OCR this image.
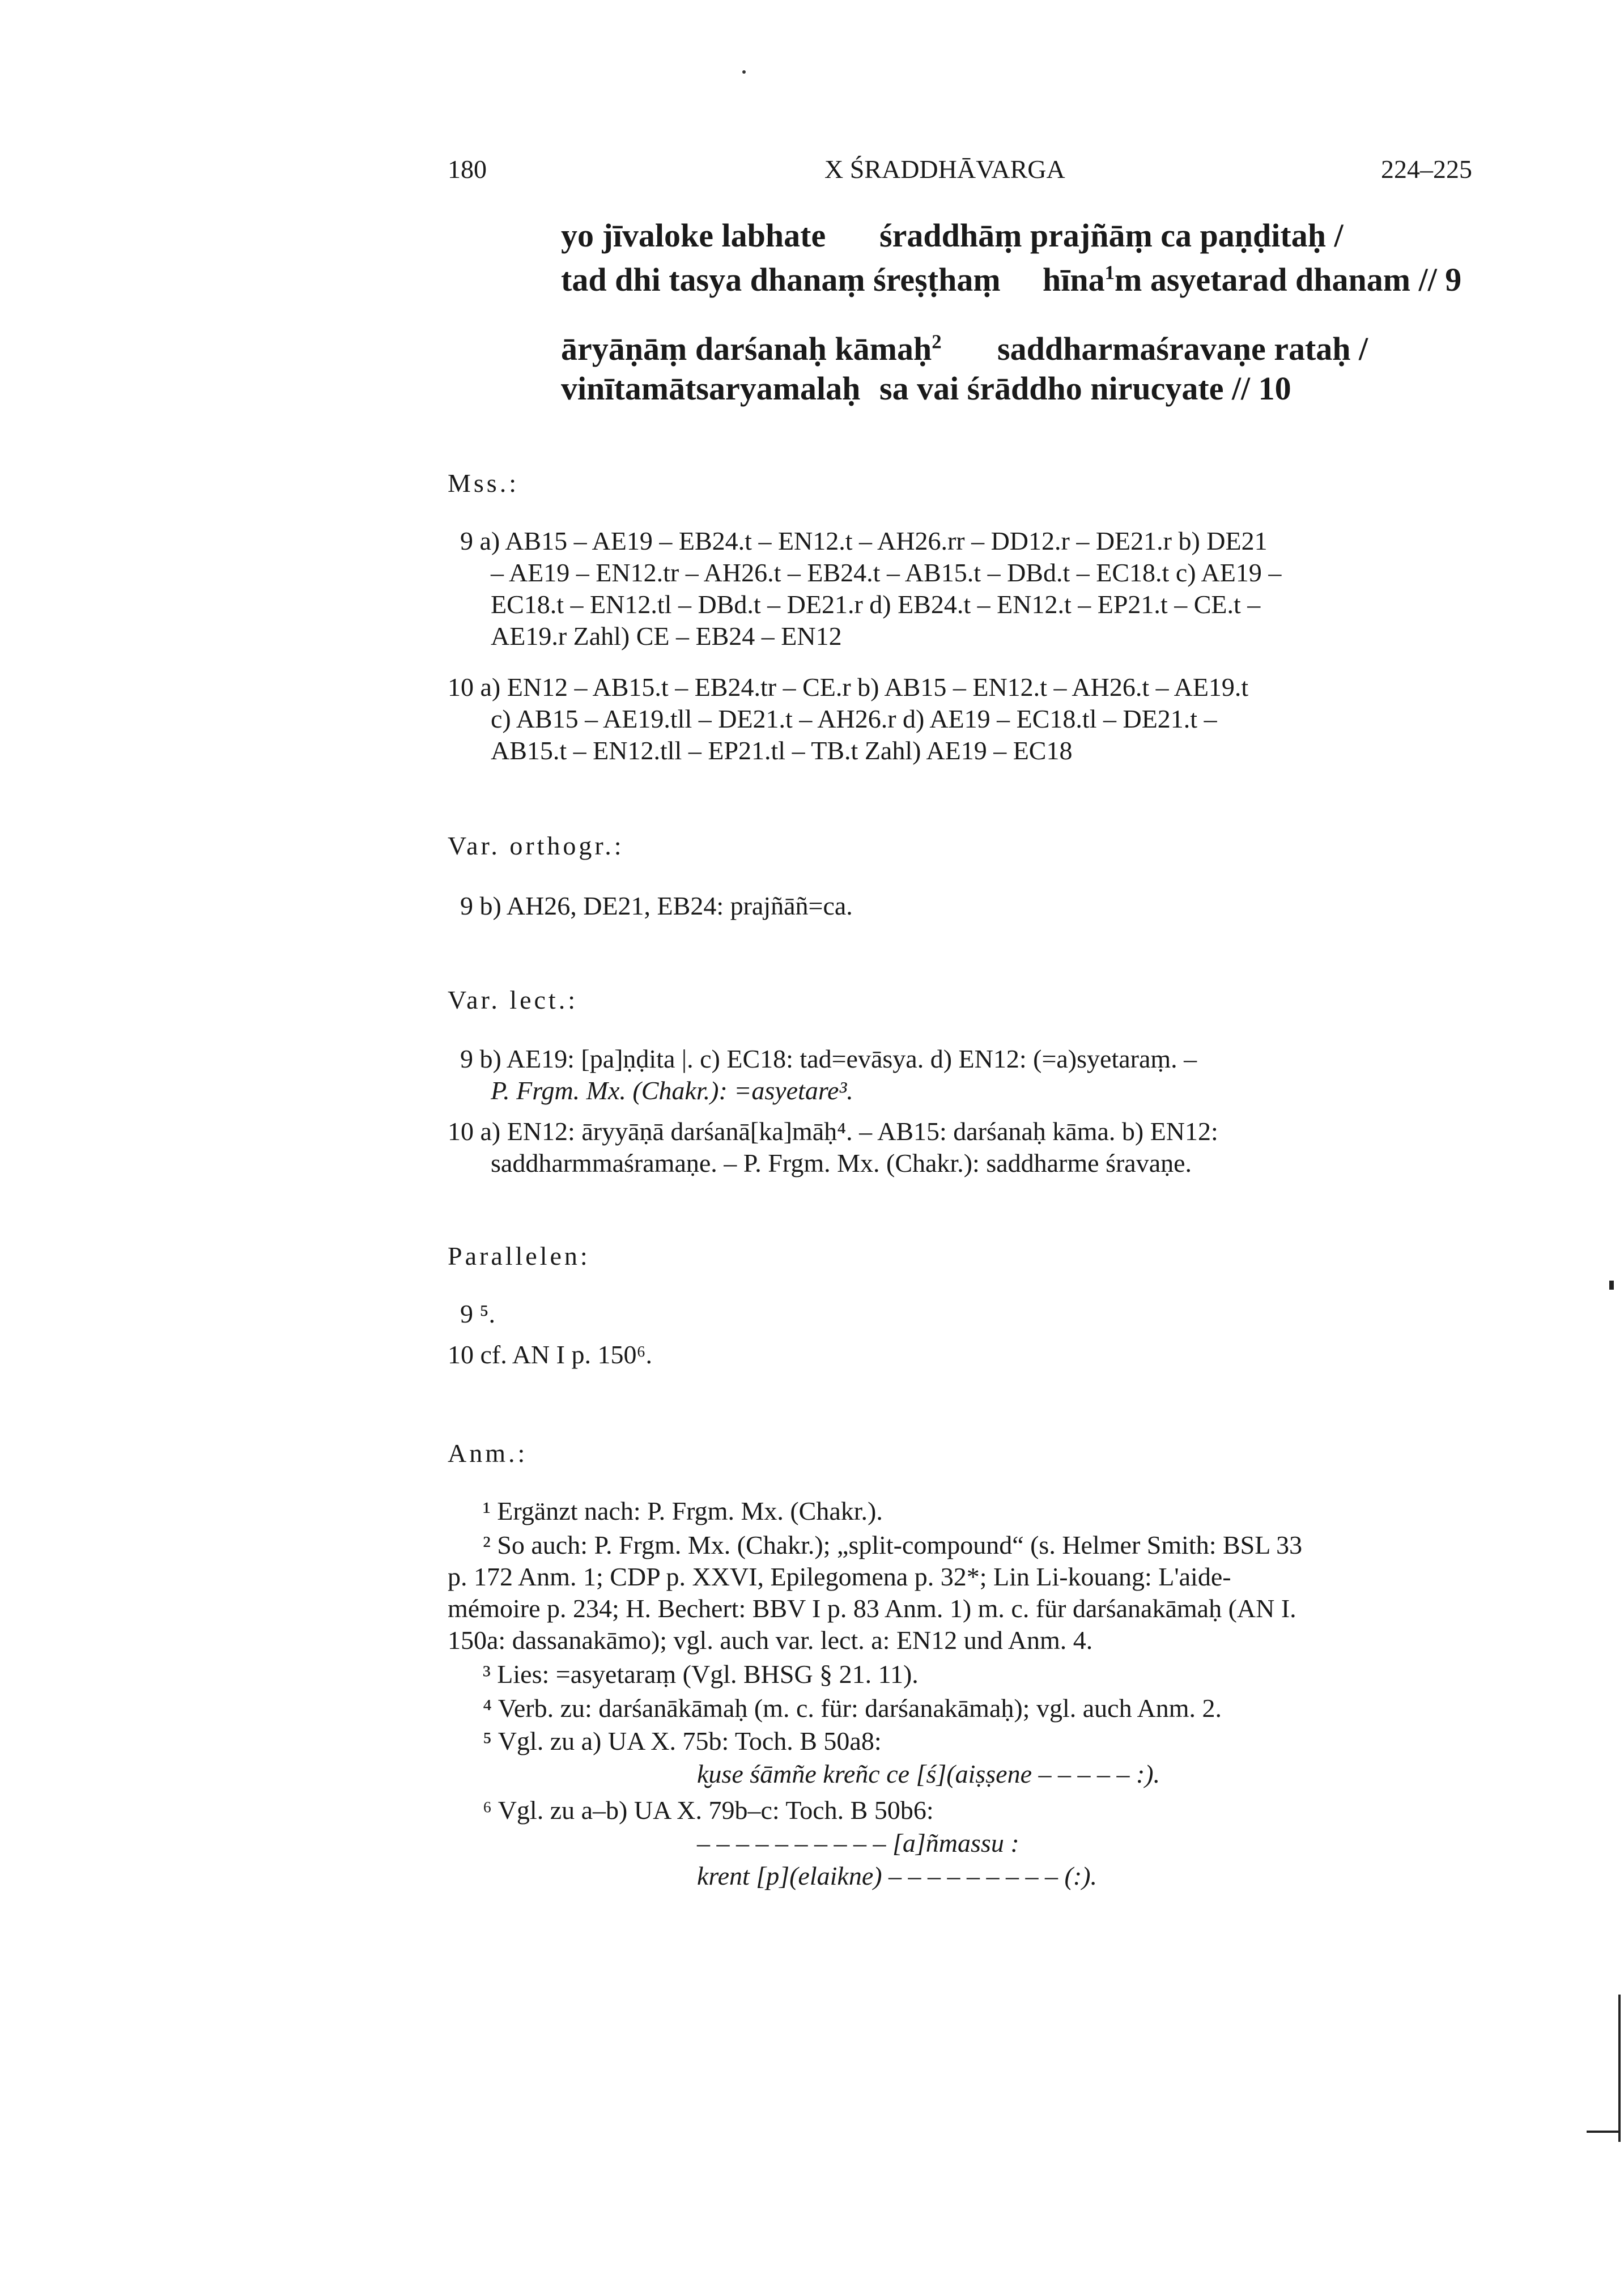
180	X ŚRADDHĀVARGA	224–225
yo jīvaloke labhate śraddhāṃ prajñāṃ ca paṇḍitaḥ /
tad dhi tasya dhanaṃ śreṣṭhaṃ hīna$^1$m asyetarad dhanam // 9
āryāṇāṃ darśanaḥ kāmaḥ$^2$ saddharmaśravaṇe rataḥ /
vinītamātsaryamalaḥ sa vai śrāddho nirucyate // 10
Mss.:
9 a) AB15 – AE19 – EB24.t – EN12.t – AH26.rr – DD12.r – DE21.r b) DE21
– AE19 – EN12.tr – AH26.t – EB24.t – AB15.t – DBd.t – EC18.t c) AE19 –
EC18.t – EN12.tl – DBd.t – DE21.r d) EB24.t – EN12.t – EP21.t – CE.t –
AE19.r Zahl) CE – EB24 – EN12
10 a) EN12 – AB15.t – EB24.tr – CE.r b) AB15 – EN12.t – AH26.t – AE19.t
c) AB15 – AE19.tll – DE21.t – AH26.r d) AE19 – EC18.tl – DE21.t –
AB15.t – EN12.tll – EP21.tl – TB.t Zahl) AE19 – EC18
Var. orthogr.:
9 b) AH26, DE21, EB24: prajñāñ=ca.
Var. lect.:
9 b) AE19: [pa]ṇḍita |. c) EC18: tad=evāsya. d) EN12: (=a)syetaraṃ. –
P. Frgm. Mx. (Chakr.): =asyetare³.
10 a) EN12: āryyāṇā darśanā[ka]māḥ⁴. – AB15: darśanaḥ kāma. b) EN12:
saddharmmaśramaṇe. – P. Frgm. Mx. (Chakr.): saddharme śravaṇe.
Parallelen:
9 ⁵.
10 cf. AN I p. 150⁶.
Anm.:
¹ Ergänzt nach: P. Frgm. Mx. (Chakr.).
² So auch: P. Frgm. Mx. (Chakr.); „split-compound“ (s. Helmer Smith: BSL 33
p. 172 Anm. 1; CDP p. XXVI, Epilegomena p. 32*; Lin Li-kouang: L'aide-
mémoire p. 234; H. Bechert: BBV I p. 83 Anm. 1) m. c. für darśanakāmaḥ (AN I.
150a: dassanakāmo); vgl. auch var. lect. a: EN12 und Anm. 4.
³ Lies: =asyetaraṃ (Vgl. BHSG § 21. 11).
⁴ Verb. zu: darśanākāmaḥ (m. c. für: darśanakāmaḥ); vgl. auch Anm. 2.
⁵ Vgl. zu a) UA X. 75b: Toch. B 50a8:
k̮use śāmñe kreñc ce [ś](aiṣṣene – – – – – :).
⁶ Vgl. zu a–b) UA X. 79b–c: Toch. B 50b6:
– – – – – – – – – – [a]ñmassu :
krent [p](elaikne) – – – – – – – – – (:).
